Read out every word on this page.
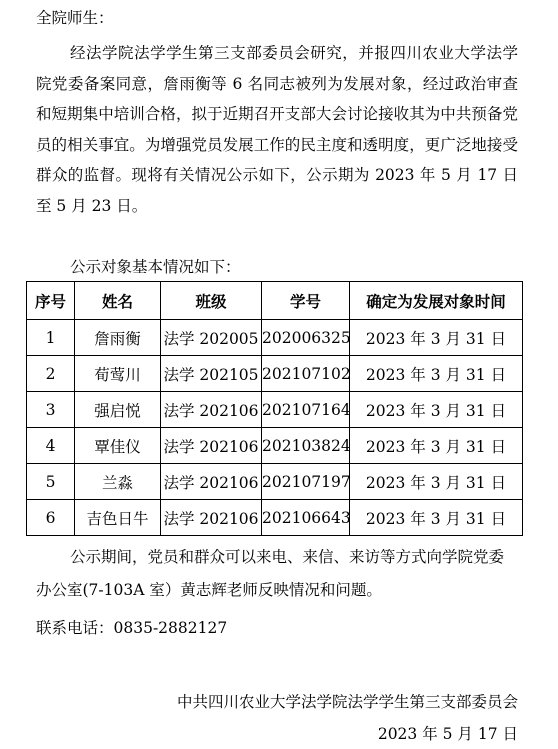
全院师生：
经法学院法学学生第三支部委员会研究，并报四川农业大学法学院党委备案同意，詹雨衡等 6 名同志被列为发展对象，经过政治审查和短期集中培训合格，拟于近期召开支部大会讨论接收其为中共预备党员的相关事宜。为增强党员发展工作的民主度和透明度，更广泛地接受群众的监督。现将有关情况公示如下，公示期为 2023 年 5 月 17 日至 5 月 23 日。
公示对象基本情况如下：
序号	姓名	班级	学号	确定为发展对象时间
1	詹雨衡	法学 202005	202006325	2023 年 3 月 31 日
2	荀莺川	法学 202105	202107102	2023 年 3 月 31 日
3	强启悦	法学 202106	202107164	2023 年 3 月 31 日
4	覃佳仪	法学 202106	202103824	2023 年 3 月 31 日
5	兰淼	法学 202106	202107197	2023 年 3 月 31 日
6	吉色日牛	法学 202106	202106643	2023 年 3 月 31 日
公示期间，党员和群众可以来电、来信、来访等方式向学院党委办公室(7-103A 室）黄志辉老师反映情况和问题。
联系电话：0835-2882127
中共四川农业大学法学院法学学生第三支部委员会
2023 年 5 月 17 日
